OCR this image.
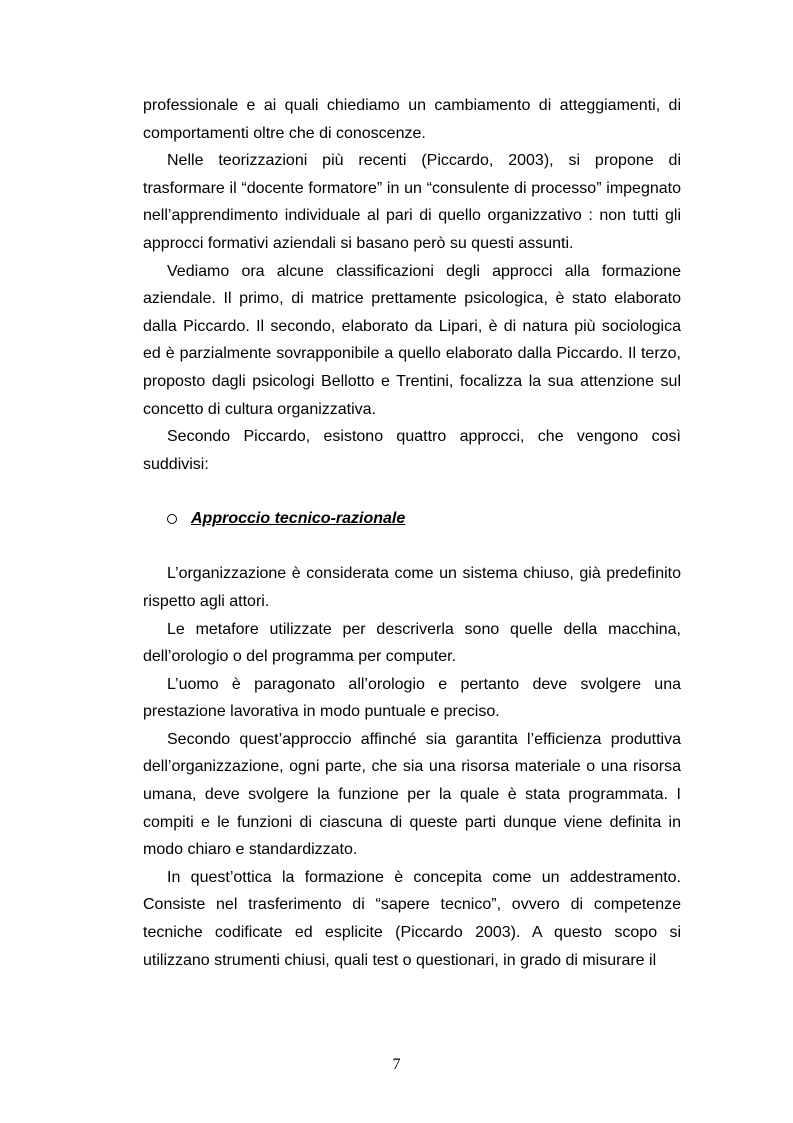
professionale e ai quali chiediamo un cambiamento di atteggiamenti, di comportamenti oltre che di conoscenze.

Nelle teorizzazioni più recenti (Piccardo, 2003), si propone di trasformare il “docente formatore” in un “consulente di processo” impegnato nell’apprendimento individuale al pari di quello organizzativo : non tutti gli approcci formativi aziendali si basano però su questi assunti.

Vediamo ora alcune classificazioni degli approcci alla formazione aziendale. Il primo, di matrice prettamente psicologica, è stato elaborato dalla Piccardo. Il secondo, elaborato da Lipari, è di natura più sociologica ed è parzialmente sovrapponibile a quello elaborato dalla Piccardo. Il terzo, proposto dagli psicologi Bellotto e Trentini, focalizza la sua attenzione sul concetto di cultura organizzativa.

Secondo Piccardo, esistono quattro approcci, che vengono così suddivisi:

Approccio tecnico-razionale

L’organizzazione è considerata come un sistema chiuso, già predefinito rispetto agli attori.

Le metafore utilizzate per descriverla sono quelle della macchina, dell’orologio o del programma per computer.

L’uomo è paragonato all’orologio e pertanto deve svolgere una prestazione lavorativa in modo puntuale e preciso.

Secondo quest’approccio affinché sia garantita l’efficienza produttiva dell’organizzazione, ogni parte, che sia una risorsa materiale o una risorsa umana, deve svolgere la funzione per la quale è stata programmata. I compiti e le funzioni di ciascuna di queste parti dunque viene definita in modo chiaro e standardizzato.

In quest’ottica la formazione è concepita come un addestramento. Consiste nel trasferimento di “sapere tecnico”, ovvero di competenze tecniche codificate ed esplicite (Piccardo 2003). A questo scopo si utilizzano strumenti chiusi, quali test o questionari, in grado di misurare il

7
